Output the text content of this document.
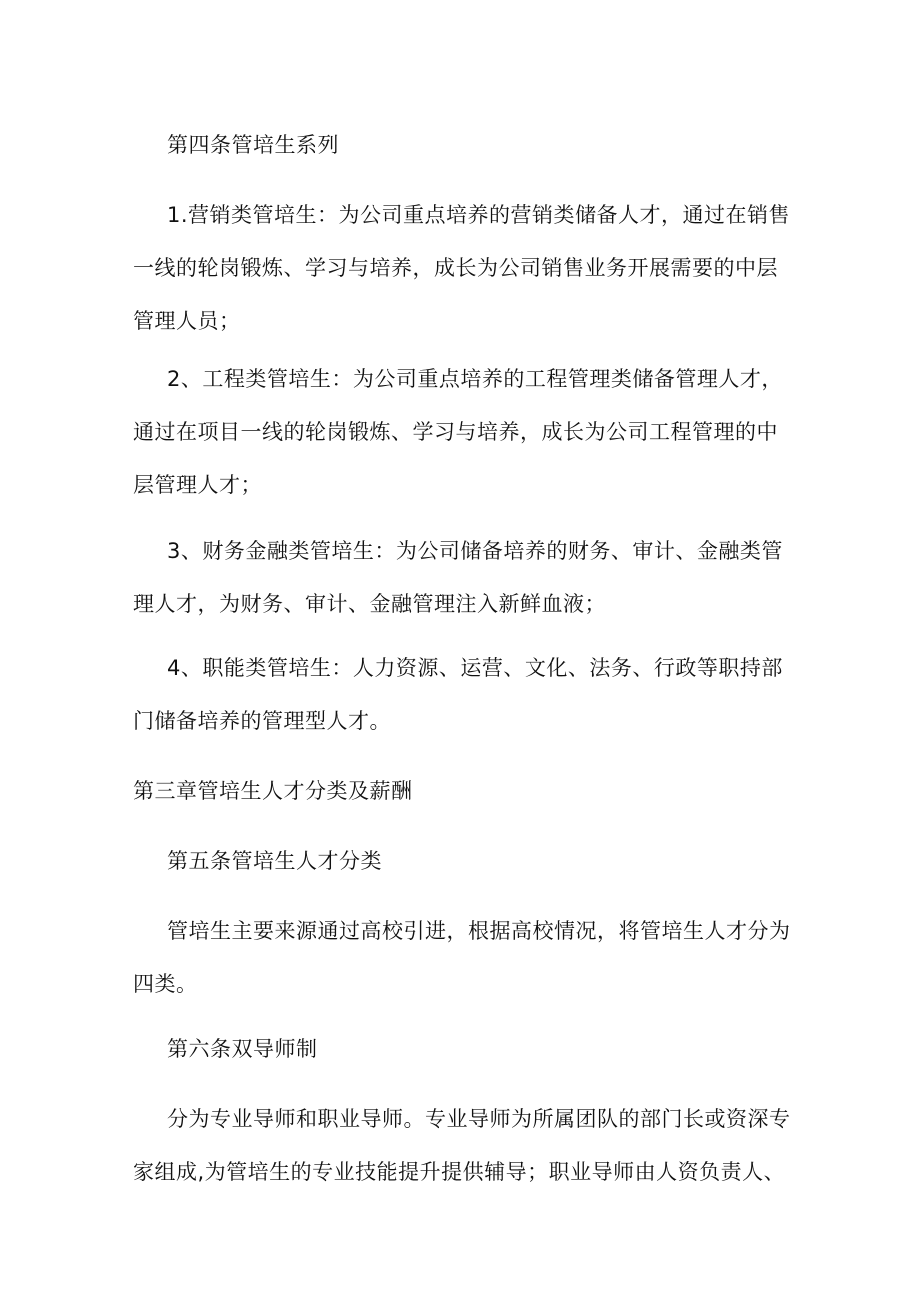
第四条管培生系列

1.营销类管培生：为公司重点培养的营销类储备人才，通过在销售一线的轮岗锻炼、学习与培养，成长为公司销售业务开展需要的中层管理人员；

2、工程类管培生：为公司重点培养的工程管理类储备管理人才，通过在项目一线的轮岗锻炼、学习与培养，成长为公司工程管理的中层管理人才；

3、财务金融类管培生：为公司储备培养的财务、审计、金融类管理人才，为财务、审计、金融管理注入新鲜血液；

4、职能类管培生：人力资源、运营、文化、法务、行政等职持部门储备培养的管理型人才。

第三章管培生人才分类及薪酬

第五条管培生人才分类

管培生主要来源通过高校引进，根据高校情况，将管培生人才分为四类。

第六条双导师制

分为专业导师和职业导师。专业导师为所属团队的部门长或资深专家组成,为管培生的专业技能提升提供辅导；职业导师由人资负责人、
